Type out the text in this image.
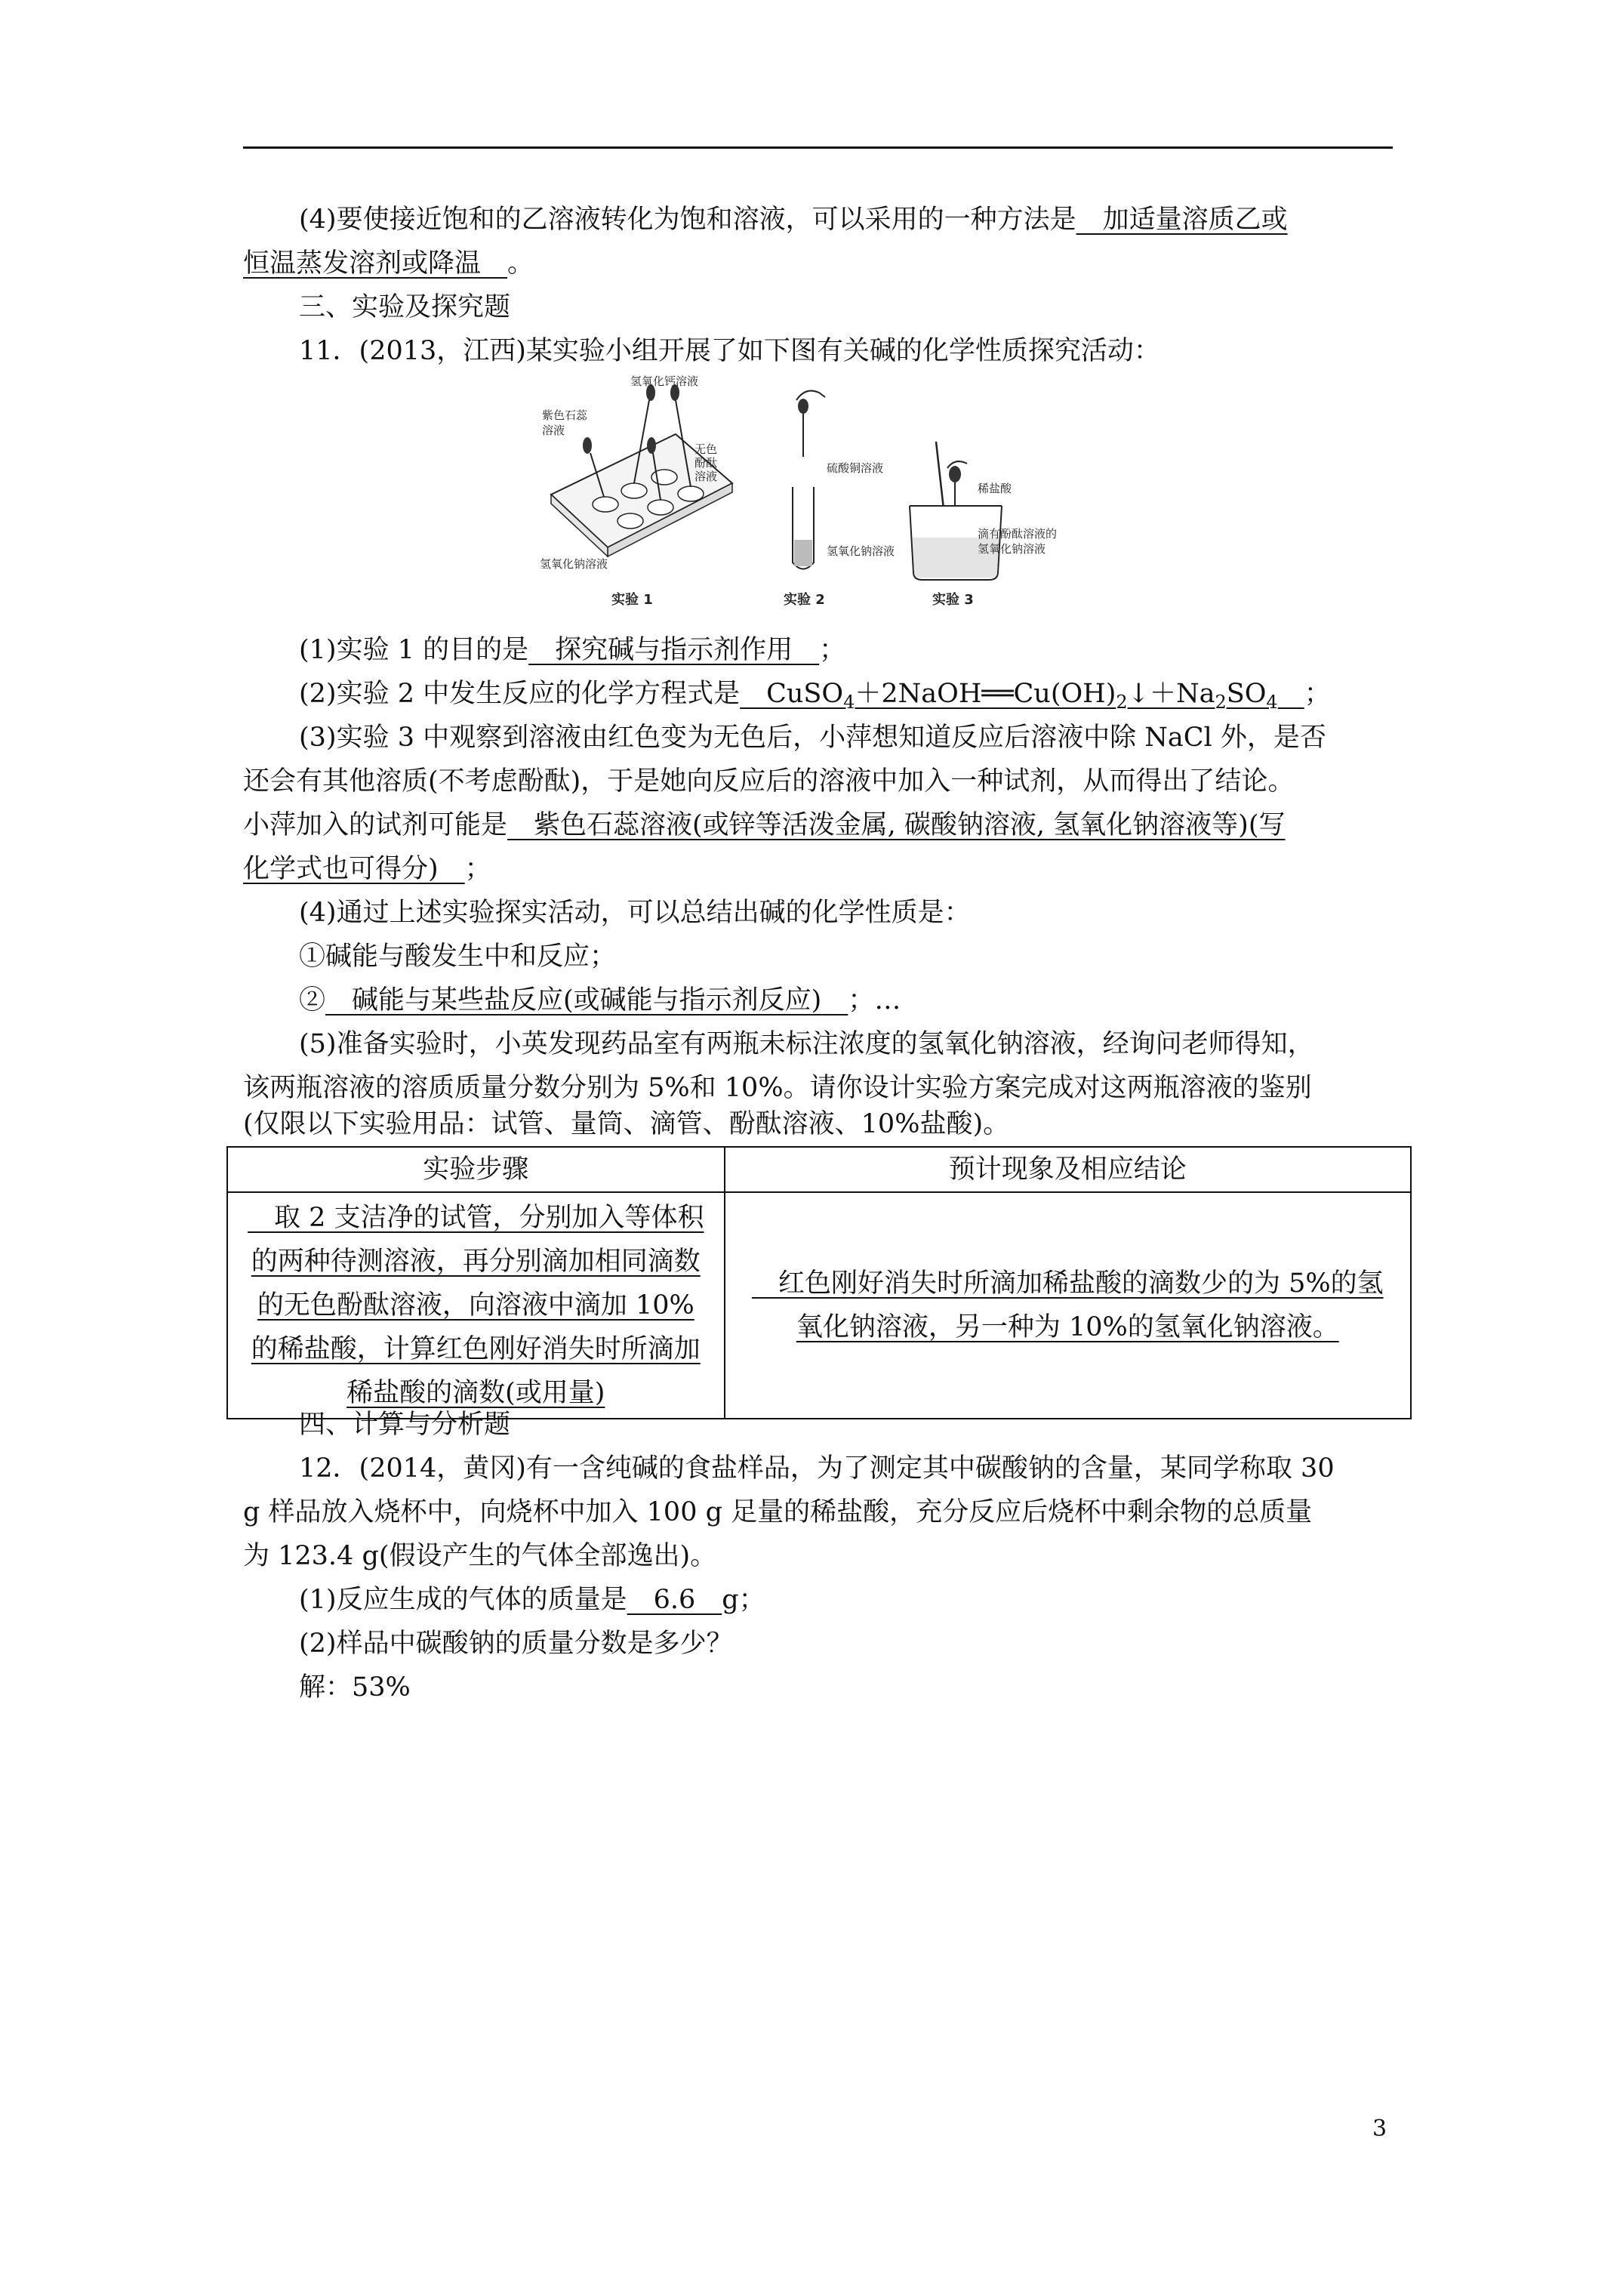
(4)要使接近饱和的乙溶液转化为饱和溶液，可以采用的一种方法是　加适量溶质乙或
恒温蒸发溶剂或降温　 。
三、实验及探究题
11．(2013，江西)某实验小组开展了如下图有关碱的化学性质探究活动：
氢氧化钙溶液
紫色石蕊
溶液
无色
酚酞
溶液
氢氧化钠溶液
实验 1
硫酸铜溶液
氢氧化钠溶液
实验 2
稀盐酸
滴有酚酞溶液的
氢氧化钠溶液
实验 3
(1)实验 1 的目的是　探究碱与指示剂作用　 ；
(2)实验 2 中发生反应的化学方程式是　$CuSO_4+2NaOH══Cu(OH)_2↓+Na_2SO_4$　 ；
(3)实验 3 中观察到溶液由红色变为无色后，小萍想知道反应后溶液中除 NaCl 外，是否
还会有其他溶质(不考虑酚酞)，于是她向反应后的溶液中加入一种试剂，从而得出了结论。
小萍加入的试剂可能是　紫色石蕊溶液(或锌等活泼金属, 碳酸钠溶液, 氢氧化钠溶液等)(写
化学式也可得分)　 ；
(4)通过上述实验探实活动，可以总结出碱的化学性质是：
①碱能与酸发生中和反应；
②　碱能与某些盐反应(或碱能与指示剂反应)　 ；…
(5)准备实验时，小英发现药品室有两瓶未标注浓度的氢氧化钠溶液，经询问老师得知，
该两瓶溶液的溶质质量分数分别为 5%和 10%。请你设计实验方案完成对这两瓶溶液的鉴别
(仅限以下实验用品：试管、量筒、滴管、酚酞溶液、10%盐酸)。
实验步骤	预计现象及相应结论
　取 2 支洁净的试管，分别加入等体积的两种待测溶液，再分别滴加相同滴数的无色酚酞溶液，向溶液中滴加 10%的稀盐酸，计算红色刚好消失时所滴加稀盐酸的滴数(或用量)	　红色刚好消失时所滴加稀盐酸的滴数少的为 5%的氢氧化钠溶液，另一种为 10%的氢氧化钠溶液。
四、计算与分析题
12．(2014，黄冈)有一含纯碱的食盐样品，为了测定其中碳酸钠的含量，某同学称取 30
g 样品放入烧杯中，向烧杯中加入 100 g 足量的稀盐酸，充分反应后烧杯中剩余物的总质量
为 123.4 g(假设产生的气体全部逸出)。
(1)反应生成的气体的质量是　6.6　g；
(2)样品中碳酸钠的质量分数是多少？
解：53%
3
